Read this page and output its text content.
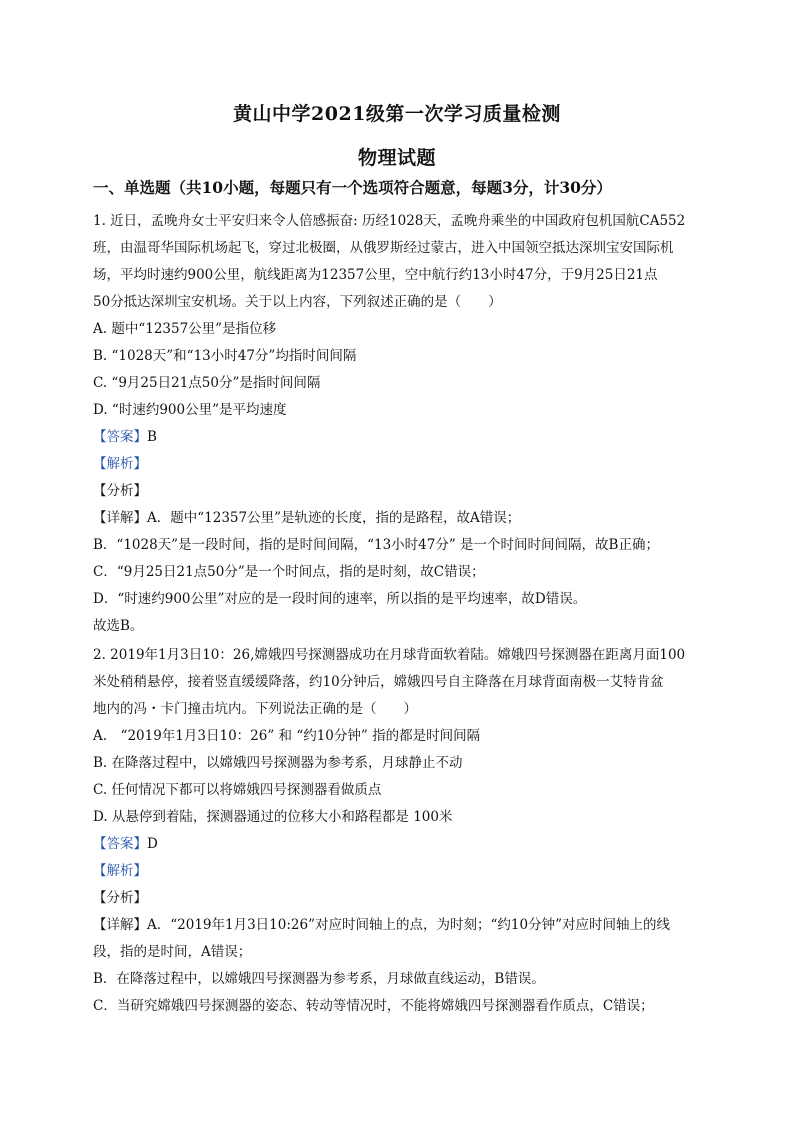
黄山中学2021级第一次学习质量检测
物理试题
一、单选题（共10小题，每题只有一个选项符合题意，每题3分，计30分）
1. 近日，孟晚舟女士平安归来令人倍感振奋: 历经1028天，孟晚舟乘坐的中国政府包机国航CA552
班，由温哥华国际机场起飞，穿过北极圈，从俄罗斯经过蒙古，进入中国领空抵达深圳宝安国际机
场，平均时速约900公里，航线距离为12357公里，空中航行约13小时47分，于9月25日21点
50分抵达深圳宝安机场。关于以上内容，下列叙述正确的是（　　）
A. 题中“12357公里”是指位移
B. “1028天”和“13小时47分”均指时间间隔
C. “9月25日21点50分”是指时间间隔
D. “时速约900公里”是平均速度
【答案】B
【解析】
【分析】
【详解】A．题中“12357公里”是轨迹的长度，指的是路程，故A错误；
B．“1028天”是一段时间，指的是时间间隔，“13小时47分” 是一个时间时间间隔，故B正确；
C．“9月25日21点50分”是一个时间点，指的是时刻，故C错误；
D．“时速约900公里”对应的是一段时间的速率，所以指的是平均速率，故D错误。
故选B。
2. 2019年1月3日10：26,嫦娥四号探测器成功在月球背面软着陆。嫦娥四号探测器在距离月面100
米处稍稍悬停，接着竖直缓缓降落，约10分钟后，嫦娥四号自主降落在月球背面南极一艾特肯盆
地内的冯・卡门撞击坑内。下列说法正确的是（　　）
A.　“2019年1月3日10：26” 和 “约10分钟” 指的都是时间间隔
B. 在降落过程中，以嫦娥四号探测器为参考系，月球静止不动
C. 任何情况下都可以将嫦娥四号探测器看做质点
D. 从悬停到着陆，探测器通过的位移大小和路程都是 100米
【答案】D
【解析】
【分析】
【详解】A．“2019年1月3日10:26”对应时间轴上的点，为时刻；“约10分钟”对应时间轴上的线
段，指的是时间，A错误；
B．在降落过程中，以嫦娥四号探测器为参考系，月球做直线运动，B错误。
C．当研究嫦娥四号探测器的姿态、转动等情况时，不能将嫦娥四号探测器看作质点，C错误；
